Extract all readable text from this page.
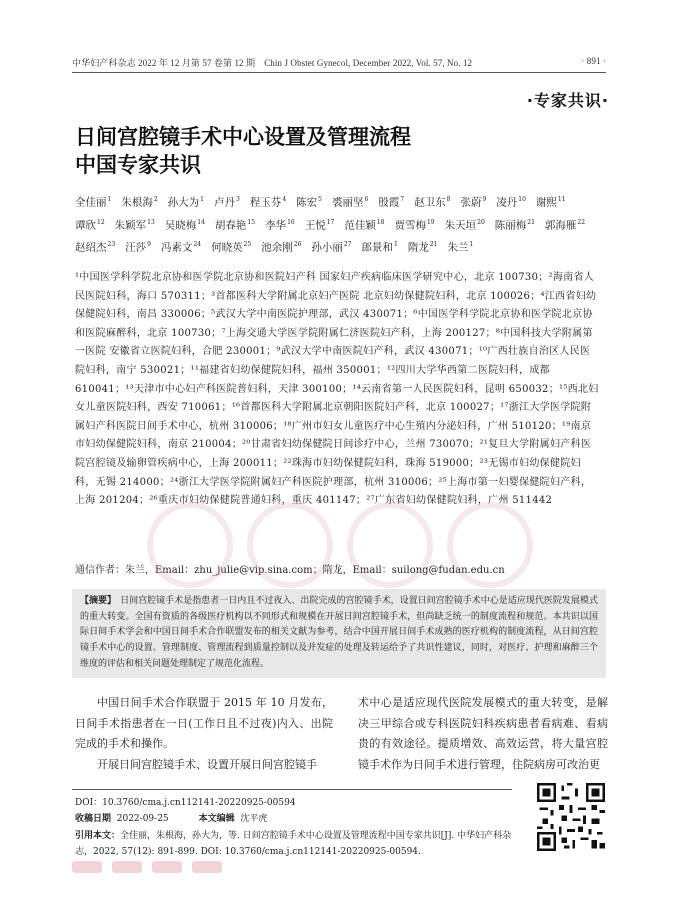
中华妇产科杂志 2022 年 12 月第 57 卷第 12 期　Chin J Obstet Gynecol, December 2022, Vol. 57, No. 12	· 891 ·
·专家共识·
日间宫腔镜手术中心设置及管理流程
中国专家共识
全佳丽$^1$ 朱根海$^2$ 孙大为$^1$ 卢丹$^3$ 程玉芬$^4$ 陈宏$^5$ 裘丽坚$^6$ 殷霞$^7$ 赵卫东$^8$ 张蔚$^9$ 凌丹$^{10}$ 谢熙$^{11}$谭欣$^{12}$ 朱颖军$^{13}$ 吴晓梅$^{14}$ 胡春艳$^{15}$ 李华$^{16}$ 王悦$^{17}$ 范佳颖$^{18}$ 贾雪梅$^{19}$ 朱天垣$^{20}$ 陈丽梅$^{21}$ 郭海雁$^{22}$赵绍杰$^{23}$ 汪莎$^9$ 冯素文$^{24}$ 何晓英$^{25}$ 池余刚$^{26}$ 孙小丽$^{27}$ 郎景和$^1$ 隋龙$^{21}$ 朱兰$^1$
¹中国医学科学院北京协和医学院北京协和医院妇产科 国家妇产疾病临床医学研究中心，北京 100730；²海南省人民医院妇科，海口 570311；³首都医科大学附属北京妇产医院 北京妇幼保健院妇科，北京 100026；⁴江西省妇幼保健院妇科，南昌 330006；⁵武汉大学中南医院护理部，武汉 430071；⁶中国医学科学院北京协和医学院北京协和医院麻醉科，北京 100730；⁷上海交通大学医学院附属仁济医院妇产科，上海 200127；⁸中国科技大学附属第一医院 安徽省立医院妇科，合肥 230001；⁹武汉大学中南医院妇产科，武汉 430071；¹⁰广西壮族自治区人民医院妇科，南宁 530021；¹¹福建省妇幼保健院妇科，福州 350001；¹²四川大学华西第二医院妇科，成都 610041；¹³天津市中心妇产科医院普妇科，天津 300100；¹⁴云南省第一人民医院妇科，昆明 650032；¹⁵西北妇女儿童医院妇科，西安 710061；¹⁶首都医科大学附属北京朝阳医院妇产科，北京 100027；¹⁷浙江大学医学院附属妇产科医院日间手术中心，杭州 310006；¹⁸广州市妇女儿童医疗中心生殖内分泌妇科，广州 510120；¹⁹南京市妇幼保健院妇科，南京 210004；²⁰甘肃省妇幼保健院日间诊疗中心，兰州 730070；²¹复旦大学附属妇产科医院宫腔镜及输卵管疾病中心，上海 200011；²²珠海市妇幼保健院妇科，珠海 519000；²³无锡市妇幼保健院妇科，无锡 214000；²⁴浙江大学医学院附属妇产科医院护理部，杭州 310006；²⁵上海市第一妇婴保健院妇产科，上海 201204；²⁶重庆市妇幼保健院普通妇科，重庆 401147；²⁷广东省妇幼保健院妇科，广州 511442
通信作者：朱兰，Email：zhu_julie@vip.sina.com；隋龙，Email：suilong@fudan.edu.cn
【摘要】 日间宫腔镜手术是指患者一日内且不过夜入、出院完成的宫腔镜手术，设置日间宫腔镜手术中心是适应现代医院发展模式的重大转变。全国有资质的各级医疗机构以不同形式和规模在开展日间宫腔镜手术，但尚缺乏统一的制度流程和规范。本共识以国际日间手术学会和中国日间手术合作联盟发布的相关文献为参考，结合中国开展日间手术成熟的医疗机构的制度流程，从日间宫腔镜手术中心的设置、管理制度、管理流程到质量控制以及并发症的处理及转运给予了共识性建议，同时，对医疗、护理和麻醉三个维度的评估和相关问题处理制定了规范化流程。

中国日间手术合作联盟于 2015 年 10 月发布，日间手术指患者在一日(工作日且不过夜)内入、出院完成的手术和操作。

开展日间宫腔镜手术、设置开展日间宫腔镜手

术中心是适应现代医院发展模式的重大转变，是解决三甲综合或专科医院妇科疾病患者看病难、看病贵的有效途径。提质增效、高效运营，将大量宫腔镜手术作为日间手术进行管理，住院病房可改治更

DOI：10.3760/cma.j.cn112141-20220925-00594
收稿日期 2022-09-25	本文编辑 沈平虎
引用本文：全佳丽，朱根海，孙大为，等. 日间宫腔镜手术中心设置及管理流程中国专家共识[J]. 中华妇产科杂志，2022, 57(12): 891-899. DOI: 10.3760/cma.j.cn112141-20220925-00594.
